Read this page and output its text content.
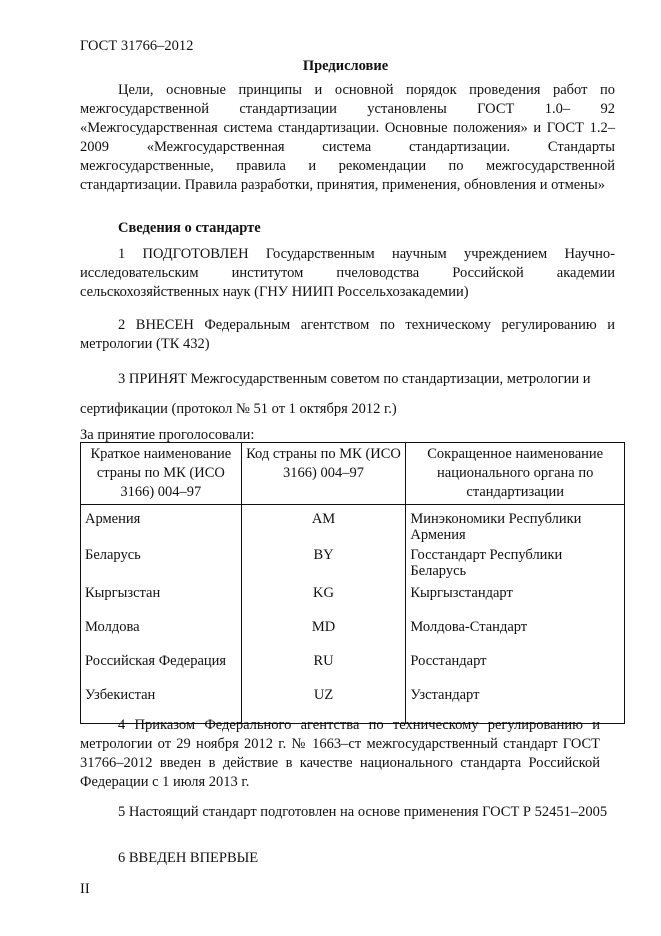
ГОСТ 31766–2012
Предисловие
Цели, основные принципы и основной порядок проведения работ по межгосударственной стандартизации установлены ГОСТ 1.0– 92 «Межгосударственная система стандартизации. Основные положения» и ГОСТ 1.2–2009 «Межгосударственная система стандартизации. Стандарты межгосударственные, правила и рекомендации по межгосударственной стандартизации. Правила разработки, принятия, применения, обновления и отмены»
Сведения о стандарте
1 ПОДГОТОВЛЕН Государственным научным учреждением Научно-исследовательским институтом пчеловодства Российской академии сельскохозяйственных наук (ГНУ НИИП Россельхозакадемии)
2 ВНЕСЕН Федеральным агентством по техническому регулированию и метрологии (ТК 432)
3 ПРИНЯТ Межгосударственным советом по стандартизации, метрологии и
сертификации (протокол № 51 от 1 октября 2012 г.)
За принятие проголосовали:
Краткое наименование страны по МК (ИСО 3166) 004–97	Код страны по МК (ИСО 3166) 004–97	Сокращенное наименование национального органа по стандартизации
Армения	AM	Минэкономики Республики Армения
Беларусь	BY	Госстандарт Республики Беларусь
Кыргызстан	KG	Кыргызстандарт
Молдова	MD	Молдова-Стандарт
Российская Федерация	RU	Росстандарт
Узбекистан	UZ	Узстандарт
4 Приказом Федерального агентства по техническому регулированию и метрологии от 29 ноября 2012 г. № 1663–ст межгосударственный стандарт ГОСТ 31766–2012 введен в действие в качестве национального стандарта Российской Федерации с 1 июля 2013 г.
5 Настоящий стандарт подготовлен на основе применения ГОСТ Р 52451–2005
6 ВВЕДЕН ВПЕРВЫЕ
II
